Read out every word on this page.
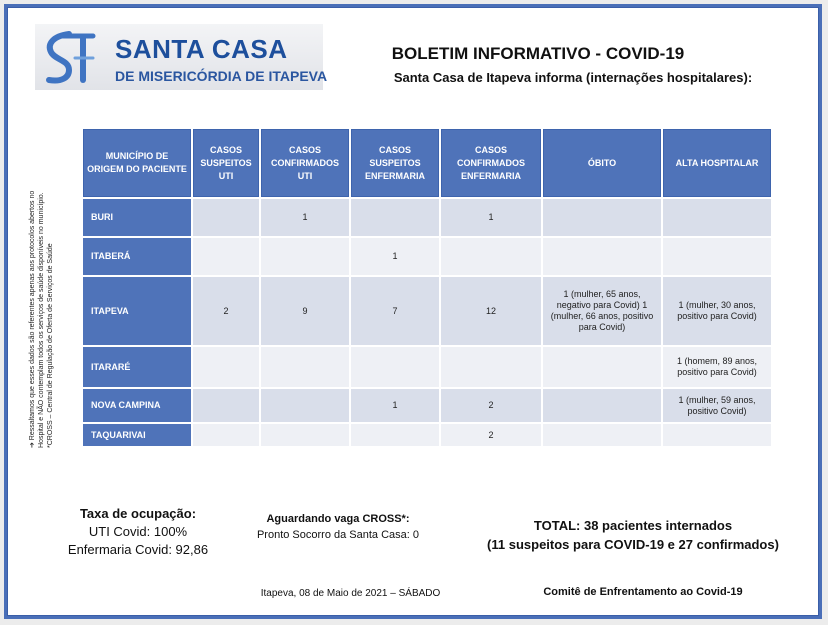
SANTA CASA
DE MISERICÓRDIA DE ITAPEVA
BOLETIM INFORMATIVO - COVID-19
Santa Casa de Itapeva informa (internações hospitalares):
➔ Ressaltamos que esses dados são referentes apenas aos protocolos abertos no Hospital e NÃO contemplam todos os serviços de saúde disponíveis no município. *CROSS – Central de Regulação de Oferta de Serviços de Saúde
MUNICÍPIO DE ORIGEM DO PACIENTE	CASOS SUSPEITOS UTI	CASOS CONFIRMADOS UTI	CASOS SUSPEITOS ENFERMARIA	CASOS CONFIRMADOS ENFERMARIA	ÓBITO	ALTA HOSPITALAR
BURI		1		1		
ITABERÁ			1			
ITAPEVA	2	9	7	12	1 (mulher, 65 anos, negativo para Covid) 1 (mulher, 66 anos, positivo para Covid)	1 (mulher, 30 anos, positivo para Covid)
ITARARÉ						1 (homem, 89 anos, positivo para Covid)
NOVA CAMPINA			1	2		1 (mulher, 59 anos, positivo Covid)
TAQUARIVAI				2		
Taxa de ocupação:
UTI Covid: 100%
Enfermaria Covid: 92,86
Aguardando vaga CROSS*:
Pronto Socorro da Santa Casa: 0
TOTAL: 38 pacientes internados
(11 suspeitos para COVID-19 e 27 confirmados)
Itapeva, 08 de Maio de 2021 – SÁBADO	Comitê de Enfrentamento ao Covid-19
